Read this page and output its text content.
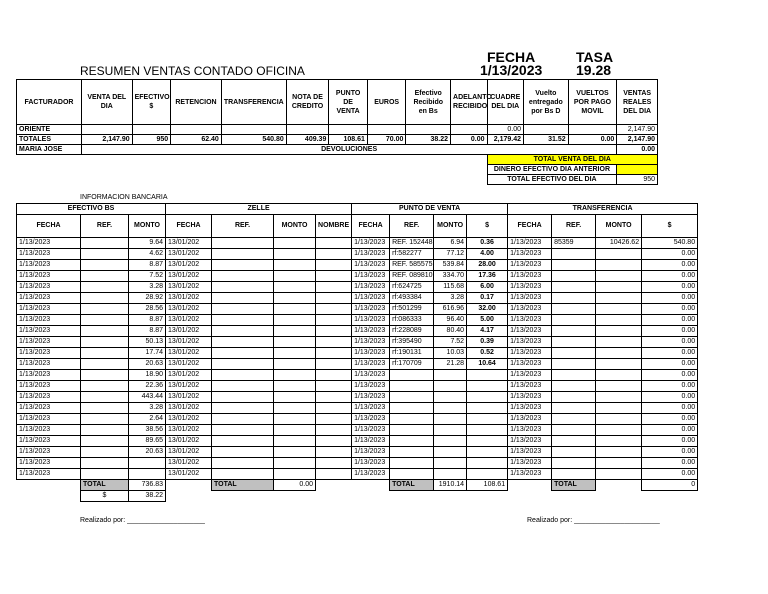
FECHA	TASA
1/13/2023 19.28
RESUMEN VENTAS CONTADO OFICINA
FACTURADOR	VENTA DEL DIA	EFECTIVO $	RETENCION	TRANSFERENCIA	NOTA DE CREDITO	PUNTO DE VENTA	EUROS	Efectivo Recibido en Bs	ADELANTO RECIBIDO	CUADRE DEL DIA	Vuelto entregado por Bs D	VUELTOS POR PAGO MOVIL	VENTAS REALES DEL DIA
ORIENTE										0.00			2,147.90
TOTALES	2,147.90	950	62.40	540.80	409.39	108.61	70.00	38.22	0.00	2,179.42	31.52	0.00	2,147.90
MARIA JOSE	DEVOLUCIONES												0.00
										TOTAL VENTA DEL DIA			
										DINERO EFECTIVO DIA ANTERIOR			
										TOTAL EFECTIVO DEL DIA			950
INFORMACION BANCARIA
EFECTIVO BS			ZELLE				PUNTO DE VENTA				TRANSFERENCIA			
FECHA	REF.	MONTO	FECHA	REF.	MONTO	NOMBRE	FECHA	REF.	MONTO	$	FECHA	REF.	MONTO	$
1/13/2023		9.64	13/01/202				1/13/2023	REF. 152448	6.94	0.36	1/13/2023	85359	10426.62	540.80
1/13/2023		4.62	13/01/202				1/13/2023	rf:582277	77.12	4.00	1/13/2023			0.00
1/13/2023		8.87	13/01/202				1/13/2023	REF. 585575	539.84	28.00	1/13/2023			0.00
1/13/2023		7.52	13/01/202				1/13/2023	REF. 089810	334.70	17.36	1/13/2023			0.00
1/13/2023		3.28	13/01/202				1/13/2023	rf:624725	115.68	6.00	1/13/2023			0.00
1/13/2023		28.92	13/01/202				1/13/2023	rf:493384	3.28	0.17	1/13/2023			0.00
1/13/2023		28.56	13/01/202				1/13/2023	rf:501299	616.96	32.00	1/13/2023			0.00
1/13/2023		8.87	13/01/202				1/13/2023	rf:086333	96.40	5.00	1/13/2023			0.00
1/13/2023		8.87	13/01/202				1/13/2023	rf:228089	80.40	4.17	1/13/2023			0.00
1/13/2023		50.13	13/01/202				1/13/2023	rf:395490	7.52	0.39	1/13/2023			0.00
1/13/2023		17.74	13/01/202				1/13/2023	rf:190131	10.03	0.52	1/13/2023			0.00
1/13/2023		20.63	13/01/202				1/13/2023	rf:170709	21.28	10.64	1/13/2023			0.00
1/13/2023		18.90	13/01/202				1/13/2023				1/13/2023			0.00
1/13/2023		22.36	13/01/202				1/13/2023				1/13/2023			0.00
1/13/2023		443.44	13/01/202				1/13/2023				1/13/2023			0.00
1/13/2023		3.28	13/01/202				1/13/2023				1/13/2023			0.00
1/13/2023		2.64	13/01/202				1/13/2023				1/13/2023			0.00
1/13/2023		38.56	13/01/202				1/13/2023				1/13/2023			0.00
1/13/2023		89.65	13/01/202				1/13/2023				1/13/2023			0.00
1/13/2023		20.63	13/01/202				1/13/2023				1/13/2023			0.00
1/13/2023			13/01/202				1/13/2023				1/13/2023			0.00
1/13/2023			13/01/202				1/13/2023				1/13/2023			0.00
	TOTAL	736.83		TOTAL	0.00			TOTAL	1910.14	108.61		TOTAL		0
	$	38.22												
Realizado por: ____________________	Realizado por: ______________________
